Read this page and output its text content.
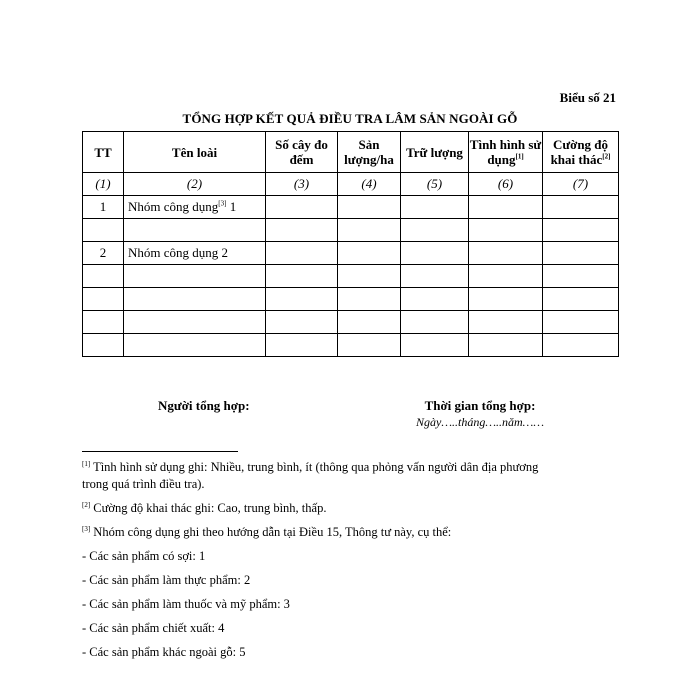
Biểu số 21
TỔNG HỢP KẾT QUẢ ĐIỀU TRA LÂM SẢN NGOÀI GỖ
TT	Tên loài	Số cây đo đếm	Sản lượng/ha	Trữ lượng	Tình hình sử dụng[1]	Cường độ khai thác[2]
(1)	(2)	(3)	(4)	(5)	(6)	(7)
1	Nhóm công dụng[3] 1					

2	Nhóm công dụng 2					

Người tổng hợp:	Thời gian tổng hợp:
Ngày…..tháng…..năm……

[1] Tình hình sử dụng ghi: Nhiều, trung bình, ít (thông qua phỏng vấn người dân địa phương trong quá trình điều tra).

[2] Cường độ khai thác ghi: Cao, trung bình, thấp.

[3] Nhóm công dụng ghi theo hướng dẫn tại Điều 15, Thông tư này, cụ thể:

- Các sản phẩm có sợi: 1

- Các sản phẩm làm thực phẩm: 2

- Các sản phẩm làm thuốc và mỹ phẩm: 3

- Các sản phẩm chiết xuất: 4

- Các sản phẩm khác ngoài gỗ: 5
